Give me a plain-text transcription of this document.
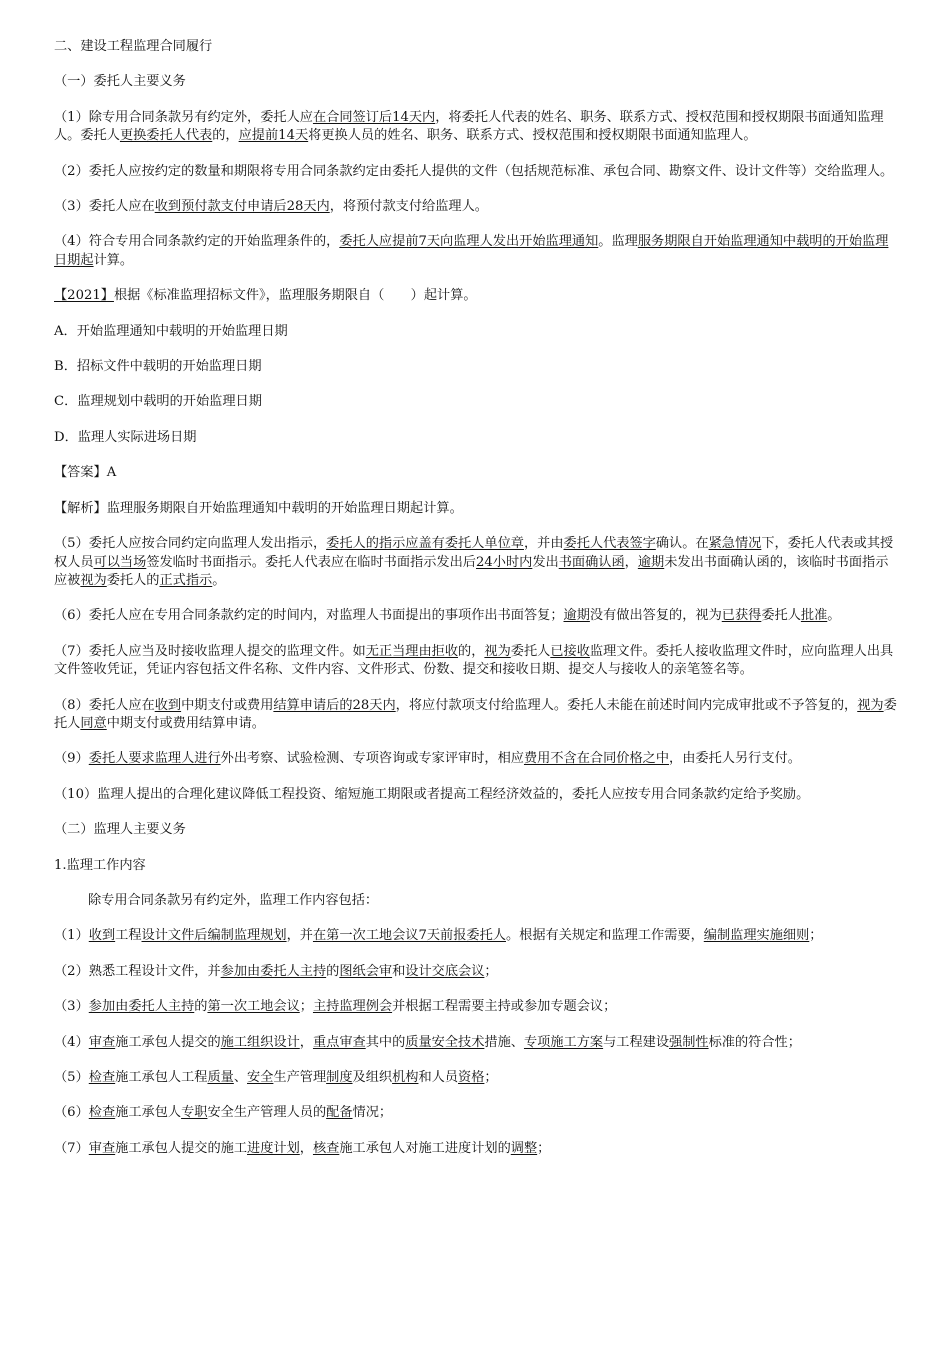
二、建设工程监理合同履行

（一）委托人主要义务

（1）除专用合同条款另有约定外，委托人应在合同签订后14天内，将委托人代表的姓名、职务、联系方式、授权范围和授权期限书面通知监理人。委托人更换委托人代表的，应提前14天将更换人员的姓名、职务、联系方式、授权范围和授权期限书面通知监理人。

（2）委托人应按约定的数量和期限将专用合同条款约定由委托人提供的文件（包括规范标准、承包合同、勘察文件、设计文件等）交给监理人。

（3）委托人应在收到预付款支付申请后28天内，将预付款支付给监理人。

（4）符合专用合同条款约定的开始监理条件的，委托人应提前7天向监理人发出开始监理通知。监理服务期限自开始监理通知中载明的开始监理日期起计算。

【2021】根据《标准监理招标文件》，监理服务期限自（　　）起计算。

A．开始监理通知中载明的开始监理日期

B．招标文件中载明的开始监理日期

C．监理规划中载明的开始监理日期

D．监理人实际进场日期

【答案】A

【解析】监理服务期限自开始监理通知中载明的开始监理日期起计算。

（5）委托人应按合同约定向监理人发出指示，委托人的指示应盖有委托人单位章，并由委托人代表签字确认。在紧急情况下，委托人代表或其授权人员可以当场签发临时书面指示。委托人代表应在临时书面指示发出后24小时内发出书面确认函，逾期未发出书面确认函的，该临时书面指示应被视为委托人的正式指示。

（6）委托人应在专用合同条款约定的时间内，对监理人书面提出的事项作出书面答复；逾期没有做出答复的，视为已获得委托人批准。

（7）委托人应当及时接收监理人提交的监理文件。如无正当理由拒收的，视为委托人已接收监理文件。委托人接收监理文件时，应向监理人出具文件签收凭证，凭证内容包括文件名称、文件内容、文件形式、份数、提交和接收日期、提交人与接收人的亲笔签名等。

（8）委托人应在收到中期支付或费用结算申请后的28天内，将应付款项支付给监理人。委托人未能在前述时间内完成审批或不予答复的，视为委托人同意中期支付或费用结算申请。

（9）委托人要求监理人进行外出考察、试验检测、专项咨询或专家评审时，相应费用不含在合同价格之中，由委托人另行支付。

（10）监理人提出的合理化建议降低工程投资、缩短施工期限或者提高工程经济效益的，委托人应按专用合同条款约定给予奖励。

（二）监理人主要义务

1.监理工作内容

除专用合同条款另有约定外，监理工作内容包括：

（1）收到工程设计文件后编制监理规划，并在第一次工地会议7天前报委托人。根据有关规定和监理工作需要，编制监理实施细则；

（2）熟悉工程设计文件，并参加由委托人主持的图纸会审和设计交底会议；

（3）参加由委托人主持的第一次工地会议；主持监理例会并根据工程需要主持或参加专题会议；

（4）审查施工承包人提交的施工组织设计，重点审查其中的质量安全技术措施、专项施工方案与工程建设强制性标准的符合性；

（5）检查施工承包人工程质量、安全生产管理制度及组织机构和人员资格；

（6）检查施工承包人专职安全生产管理人员的配备情况；

（7）审查施工承包人提交的施工进度计划，核查施工承包人对施工进度计划的调整；
